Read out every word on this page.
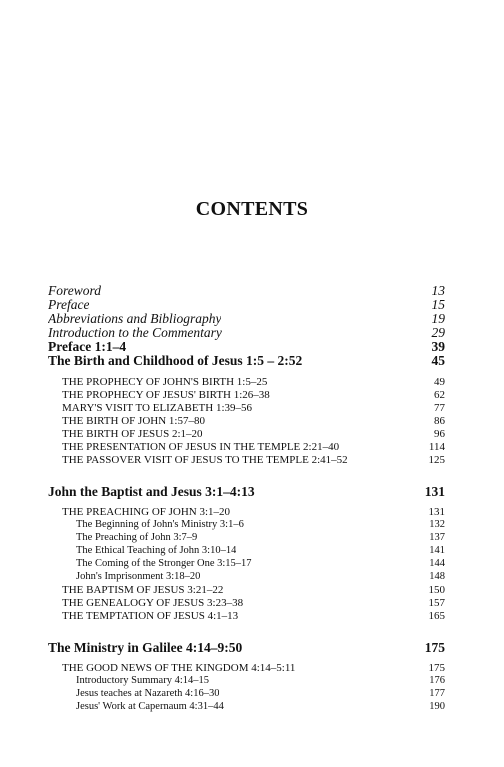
CONTENTS
Foreword	13
Preface	15
Abbreviations and Bibliography	19
Introduction to the Commentary	29
Preface 1:1–4	39
The Birth and Childhood of Jesus 1:5 – 2:52	45
THE PROPHECY OF JOHN'S BIRTH 1:5–25	49
THE PROPHECY OF JESUS' BIRTH 1:26–38	62
MARY'S VISIT TO ELIZABETH 1:39–56	77
THE BIRTH OF JOHN 1:57–80	86
THE BIRTH OF JESUS 2:1–20	96
THE PRESENTATION OF JESUS IN THE TEMPLE 2:21–40	114
THE PASSOVER VISIT OF JESUS TO THE TEMPLE 2:41–52	125
John the Baptist and Jesus 3:1–4:13	131
THE PREACHING OF JOHN 3:1–20	131
The Beginning of John's Ministry 3:1–6	132
The Preaching of John 3:7–9	137
The Ethical Teaching of John 3:10–14	141
The Coming of the Stronger One 3:15–17	144
John's Imprisonment 3:18–20	148
THE BAPTISM OF JESUS 3:21–22	150
THE GENEALOGY OF JESUS 3:23–38	157
THE TEMPTATION OF JESUS 4:1–13	165
The Ministry in Galilee 4:14–9:50	175
THE GOOD NEWS OF THE KINGDOM 4:14–5:11	175
Introductory Summary 4:14–15	176
Jesus teaches at Nazareth 4:16–30	177
Jesus' Work at Capernaum 4:31–44	190
